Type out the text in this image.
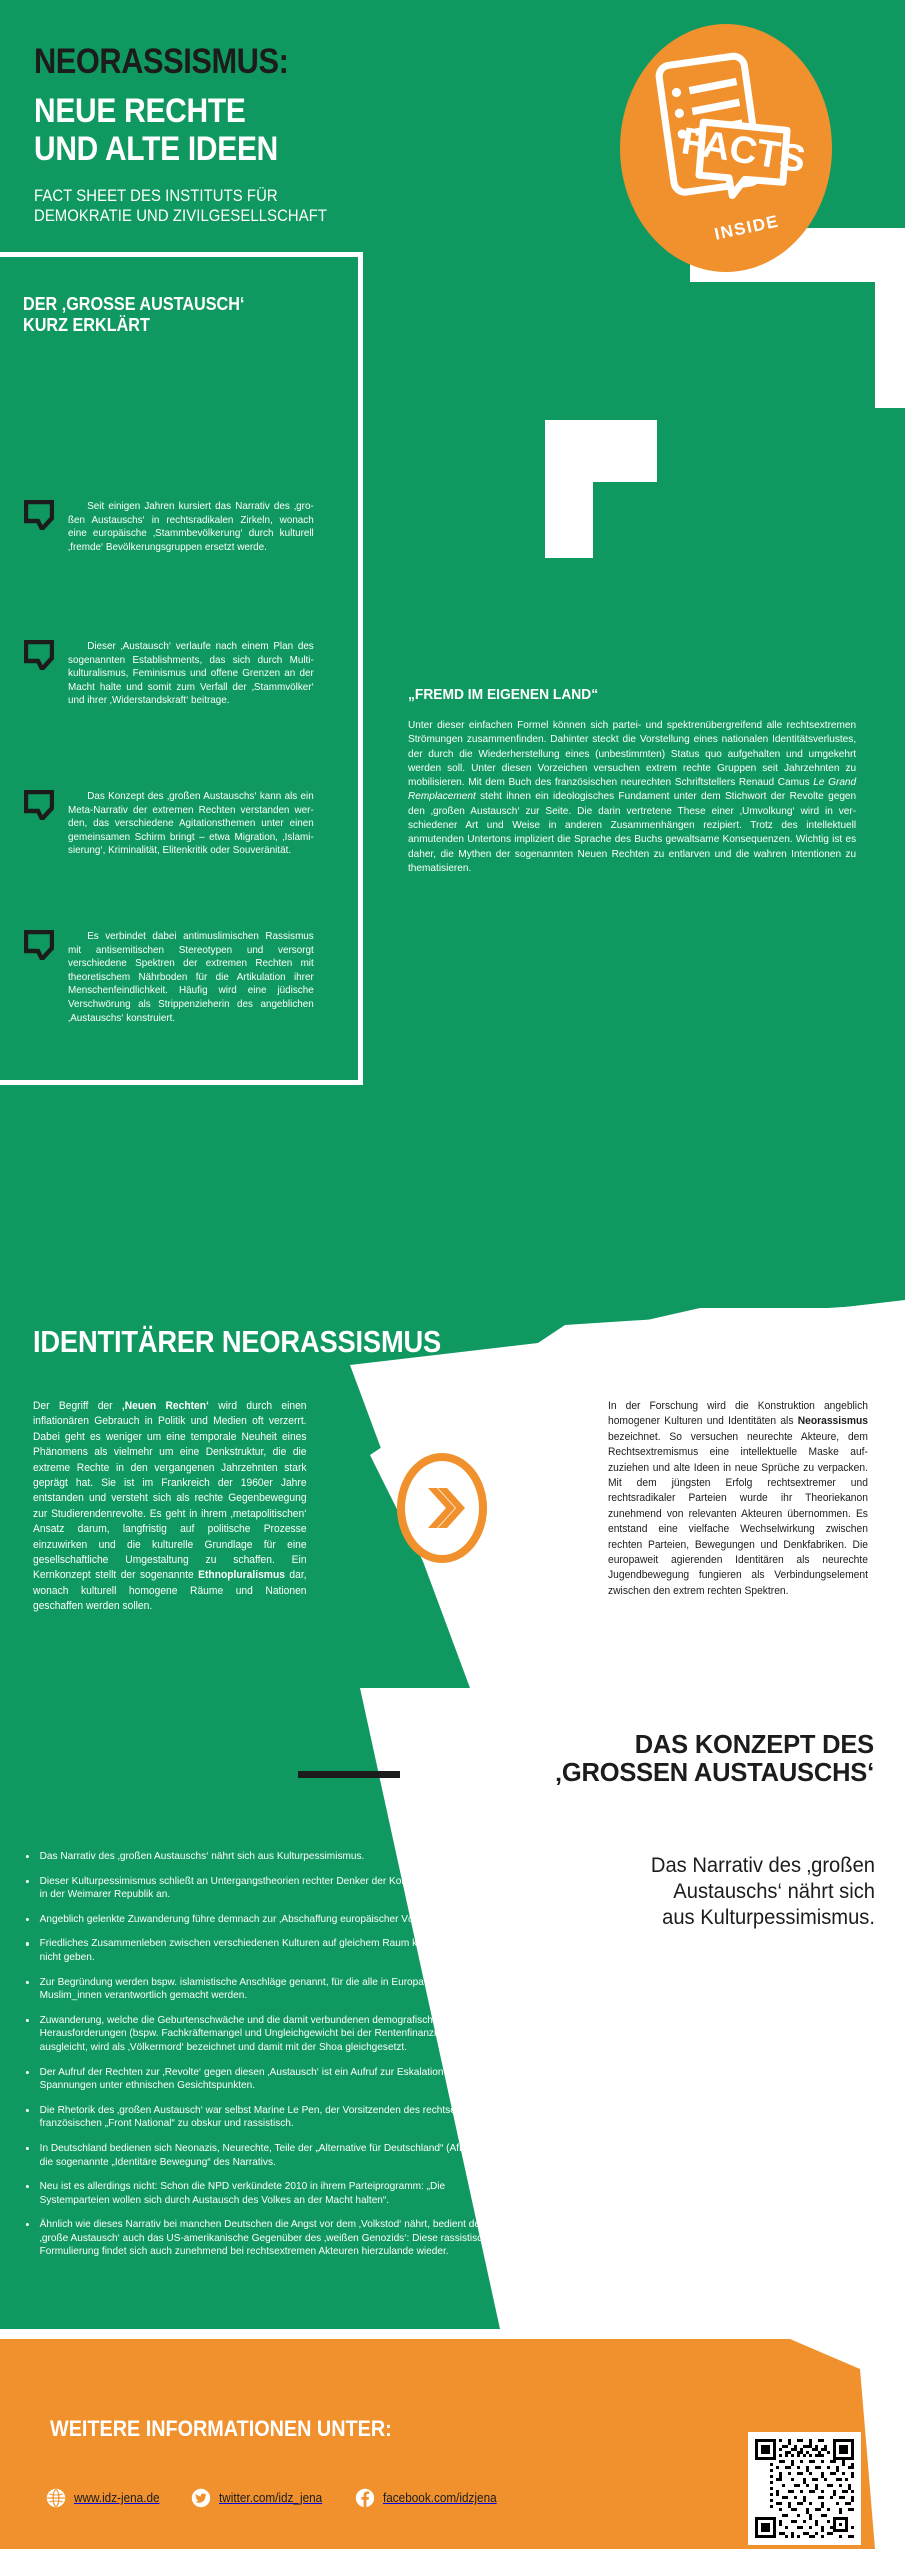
NEORASSISMUS:
NEUE RECHTE
UND ALTE IDEEN
FACT SHEET DES INSTITUTS FÜR
DEMOKRATIE UND ZIVILGESELLSCHAFT
FACTS
INSIDE
DER ‚GROSSE AUSTAUSCH‘
KURZ ERKLÄRT

Seit einigen Jahren kursiert das Narrativ des ‚großen Austauschs‘ in rechtsradikalen Zirkeln, wonach eine europäische ‚Stammbevölkerung‘ durch kulturell ‚fremde‘ Bevölkerungsgruppen ersetzt werde.

Dieser ‚Austausch‘ verlaufe nach einem Plan des sogenannten Establishments, das sich durch Multikulturalismus, Feminismus und offene Grenzen an der Macht halte und somit zum Verfall der ‚Stammvölker‘ und ihrer ‚Widerstandskraft‘ beitrage.

Das Konzept des ‚großen Austauschs‘ kann als ein Meta-Narrativ der extremen Rechten verstanden werden, das verschiedene Agitationsthemen unter einen gemeinsamen Schirm bringt – etwa Migration, ‚Islamisierung‘, Kriminalität, Elitenkritik oder Souveränität.

Es verbindet dabei antimuslimischen Rassismus mit antisemitischen Stereotypen und versorgt verschiedene Spektren der extremen Rechten mit theoretischem Nährboden für die Artikulation ihrer Menschenfeindlichkeit. Häufig wird eine jüdische Verschwörung als Strippenzieherin des angeblichen ‚Austauschs‘ konstruiert.

„FREMD IM EIGENEN LAND“

Unter dieser einfachen Formel können sich partei- und spektrenübergreifend alle rechtsextremen Strömungen zusammenfinden. Dahinter steckt die Vorstellung eines nationalen Identitätsverlustes, der durch die Wiederherstellung eines (unbestimmten) Status quo aufgehalten und umgekehrt werden soll. Unter diesen Vorzeichen versuchen extrem rechte Gruppen seit Jahrzehnten zu mobilisieren. Mit dem Buch des französischen neurechten Schriftstellers Renaud Camus Le Grand Remplacement steht ihnen ein ideologisches Fundament unter dem Stichwort der Revolte gegen den ‚großen Austausch‘ zur Seite. Die darin vertretene These einer ‚Umvolkung‘ wird in verschiedener Art und Weise in anderen Zusammenhängen rezipiert. Trotz des intellektuell anmutenden Untertons impliziert die Sprache des Buchs gewaltsame Konsequenzen. Wichtig ist es daher, die Mythen der sogenannten Neuen Rechten zu entlarven und die wahren Intentionen zu thematisieren.

IDENTITÄRER NEORASSISMUS
Der Begriff der ‚Neuen Rechten‘ wird durch einen inflationären Gebrauch in Politik und Medien oft verzerrt. Dabei geht es weniger um eine temporale Neuheit eines Phänomens als vielmehr um eine Denkstruktur, die die extreme Rechte in den vergangenen Jahrzehnten stark geprägt hat. Sie ist im Frankreich der 1960er Jahre entstanden und versteht sich als rechte Gegenbewegung zur Studierendenrevolte. Es geht in ihrem ‚metapolitischen‘ Ansatz darum, langfristig auf politische Prozesse einzuwirken und die kulturelle Grundlage für eine gesellschaftliche Umgestaltung zu schaffen. Ein Kernkonzept stellt der sogenannte Ethnopluralismus dar, wonach kulturell homogene Räume und Nationen geschaffen werden sollen.
In der Forschung wird die Konstruktion angeblich homogener Kulturen und Identitäten als Neorassismus bezeichnet. So versuchen neurechte Akteure, dem Rechtsextremismus eine intellektuelle Maske aufzuziehen und alte Ideen in neue Sprüche zu verpacken. Mit dem jüngsten Erfolg rechtsextremer und rechtsradikaler Parteien wurde ihr Theoriekanon zunehmend von relevanten Akteuren übernommen. Es entstand eine vielfache Wechselwirkung zwischen rechten Parteien, Bewegungen und Denkfabriken. Die europaweit agierenden Identitären als neurechte Jugendbewegung fungieren als Verbindungselement zwischen den extrem rechten Spektren.
DAS KONZEPT DES
‚GROSSEN AUSTAUSCHS‘
Das Narrativ des ‚großen
Austauschs‘ nährt sich
aus Kulturpessimismus.
Das Narrativ des ‚großen Austauschs‘ nährt sich aus Kulturpessimismus.
Dieser Kulturpessimismus schließt an Untergangstheorien rechter Denker der Konservativen Revolution in der Weimarer Republik an.
Angeblich gelenkte Zuwanderung führe demnach zur ‚Abschaffung europäischer Völker‘.
Friedliches Zusammenleben zwischen verschiedenen Kulturen auf gleichem Raum könne es demnach nicht geben.
Zur Begründung werden bspw. islamistische Anschläge genannt, für die alle in Europa lebenden Muslim_innen verantwortlich gemacht werden.
Zuwanderung, welche die Geburtenschwäche und die damit verbundenen demografischen Herausforderungen (bspw. Fachkräftemangel und Ungleichgewicht bei der Rentenfinanzierung) ausgleicht, wird als ‚Völkermord‘ bezeichnet und damit mit der Shoa gleichgesetzt.
Der Aufruf der Rechten zur ‚Revolte‘ gegen diesen ‚Austausch‘ ist ein Aufruf zur Eskalation sozialer Spannungen unter ethnischen Gesichtspunkten.
Die Rhetorik des ‚großen Austausch‘ war selbst Marine Le Pen, der Vorsitzenden des rechtsextremen französischen „Front National“ zu obskur und rassistisch.
In Deutschland bedienen sich Neonazis, Neurechte, Teile der „Alternative für Deutschland“ (AfD) sowie die sogenannte „Identitäre Bewegung“ des Narrativs.
Neu ist es allerdings nicht: Schon die NPD verkündete 2010 in ihrem Parteiprogramm: „Die Systemparteien wollen sich durch Austausch des Volkes an der Macht halten“.
Ähnlich wie dieses Narrativ bei manchen Deutschen die Angst vor dem ‚Volkstod‘ nährt, bedient der ‚große Austausch‘ auch das US-amerikanische Gegenüber des ‚weißen Genozids‘: Diese rassistische Formulierung findet sich auch zunehmend bei rechtsextremen Akteuren hierzulande wieder.
WEITERE INFORMATIONEN UNTER:
www.idz-jena.de	twitter.com/idz_jena	facebook.com/idzjena
